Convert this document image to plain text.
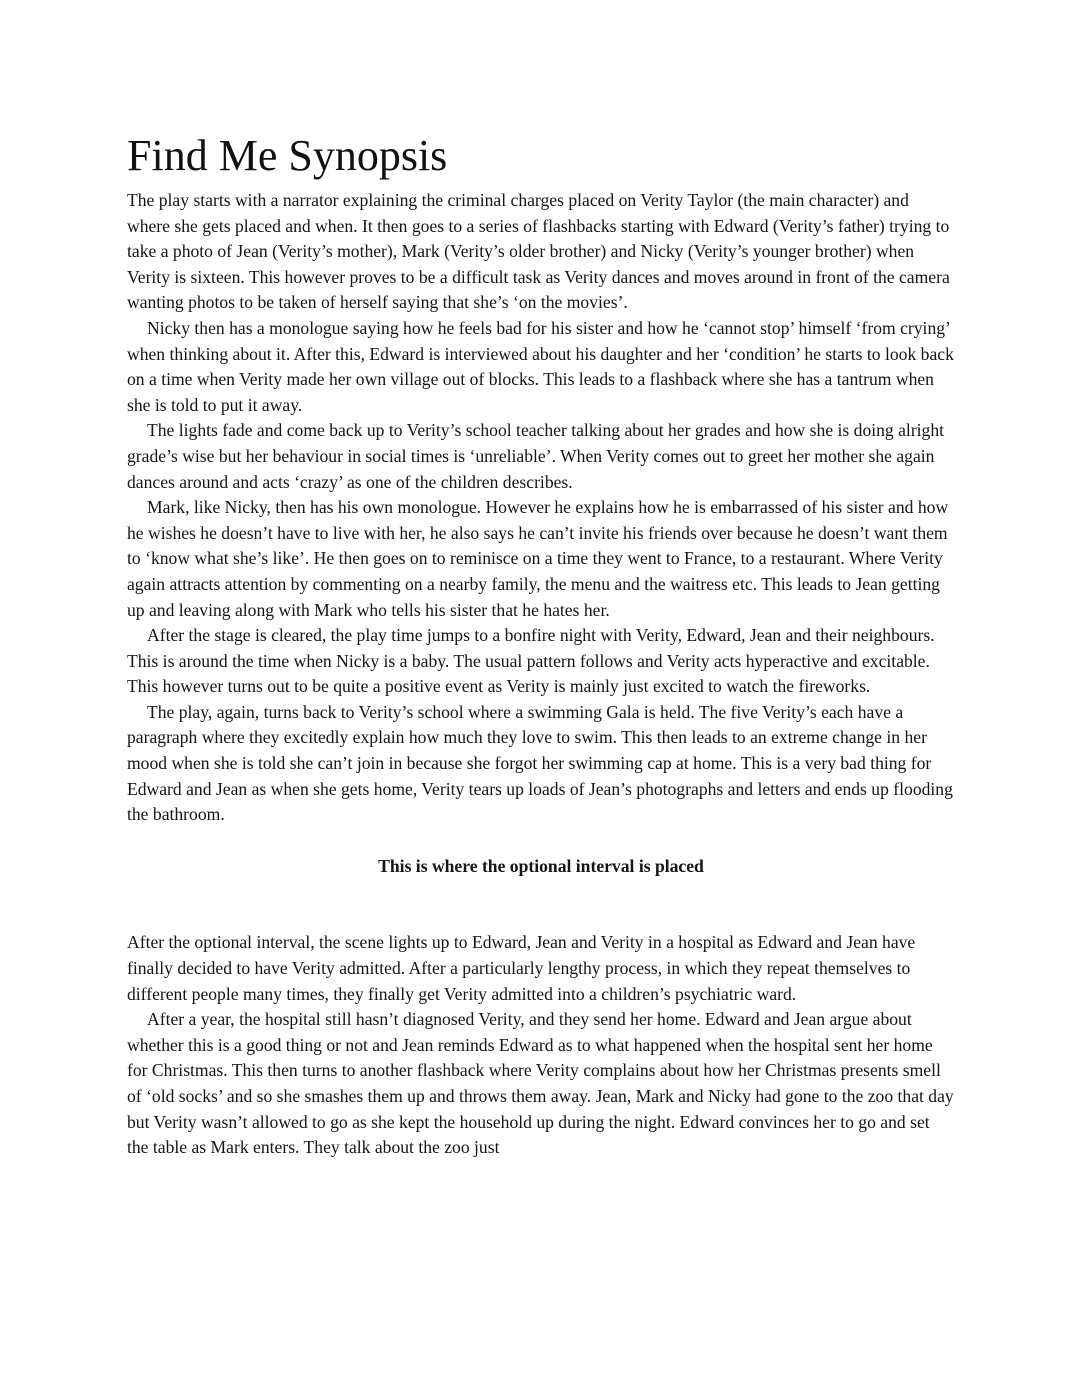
Find Me Synopsis

The play starts with a narrator explaining the criminal charges placed on Verity Taylor (the main character) and where she gets placed and when. It then goes to a series of flashbacks starting with Edward (Verity’s father) trying to take a photo of Jean (Verity’s mother), Mark (Verity’s older brother) and Nicky (Verity’s younger brother) when Verity is sixteen. This however proves to be a difficult task as Verity dances and moves around in front of the camera wanting photos to be taken of herself saying that she’s ‘on the movies’.

Nicky then has a monologue saying how he feels bad for his sister and how he ‘cannot stop’ himself ‘from crying’ when thinking about it. After this, Edward is interviewed about his daughter and her ‘condition’ he starts to look back on a time when Verity made her own village out of blocks. This leads to a flashback where she has a tantrum when she is told to put it away.

The lights fade and come back up to Verity’s school teacher talking about her grades and how she is doing alright grade’s wise but her behaviour in social times is ‘unreliable’. When Verity comes out to greet her mother she again dances around and acts ‘crazy’ as one of the children describes.

Mark, like Nicky, then has his own monologue. However he explains how he is embarrassed of his sister and how he wishes he doesn’t have to live with her, he also says he can’t invite his friends over because he doesn’t want them to ‘know what she’s like’. He then goes on to reminisce on a time they went to France, to a restaurant. Where Verity again attracts attention by commenting on a nearby family, the menu and the waitress etc. This leads to Jean getting up and leaving along with Mark who tells his sister that he hates her.

After the stage is cleared, the play time jumps to a bonfire night with Verity, Edward, Jean and their neighbours. This is around the time when Nicky is a baby. The usual pattern follows and Verity acts hyperactive and excitable. This however turns out to be quite a positive event as Verity is mainly just excited to watch the fireworks.

The play, again, turns back to Verity’s school where a swimming Gala is held. The five Verity’s each have a paragraph where they excitedly explain how much they love to swim. This then leads to an extreme change in her mood when she is told she can’t join in because she forgot her swimming cap at home. This is a very bad thing for Edward and Jean as when she gets home, Verity tears up loads of Jean’s photographs and letters and ends up flooding the bathroom.

This is where the optional interval is placed

After the optional interval, the scene lights up to Edward, Jean and Verity in a hospital as Edward and Jean have finally decided to have Verity admitted. After a particularly lengthy process, in which they repeat themselves to different people many times, they finally get Verity admitted into a children’s psychiatric ward.

After a year, the hospital still hasn’t diagnosed Verity, and they send her home. Edward and Jean argue about whether this is a good thing or not and Jean reminds Edward as to what happened when the hospital sent her home for Christmas. This then turns to another flashback where Verity complains about how her Christmas presents smell of ‘old socks’ and so she smashes them up and throws them away. Jean, Mark and Nicky had gone to the zoo that day but Verity wasn’t allowed to go as she kept the household up during the night. Edward convinces her to go and set the table as Mark enters. They talk about the zoo just
